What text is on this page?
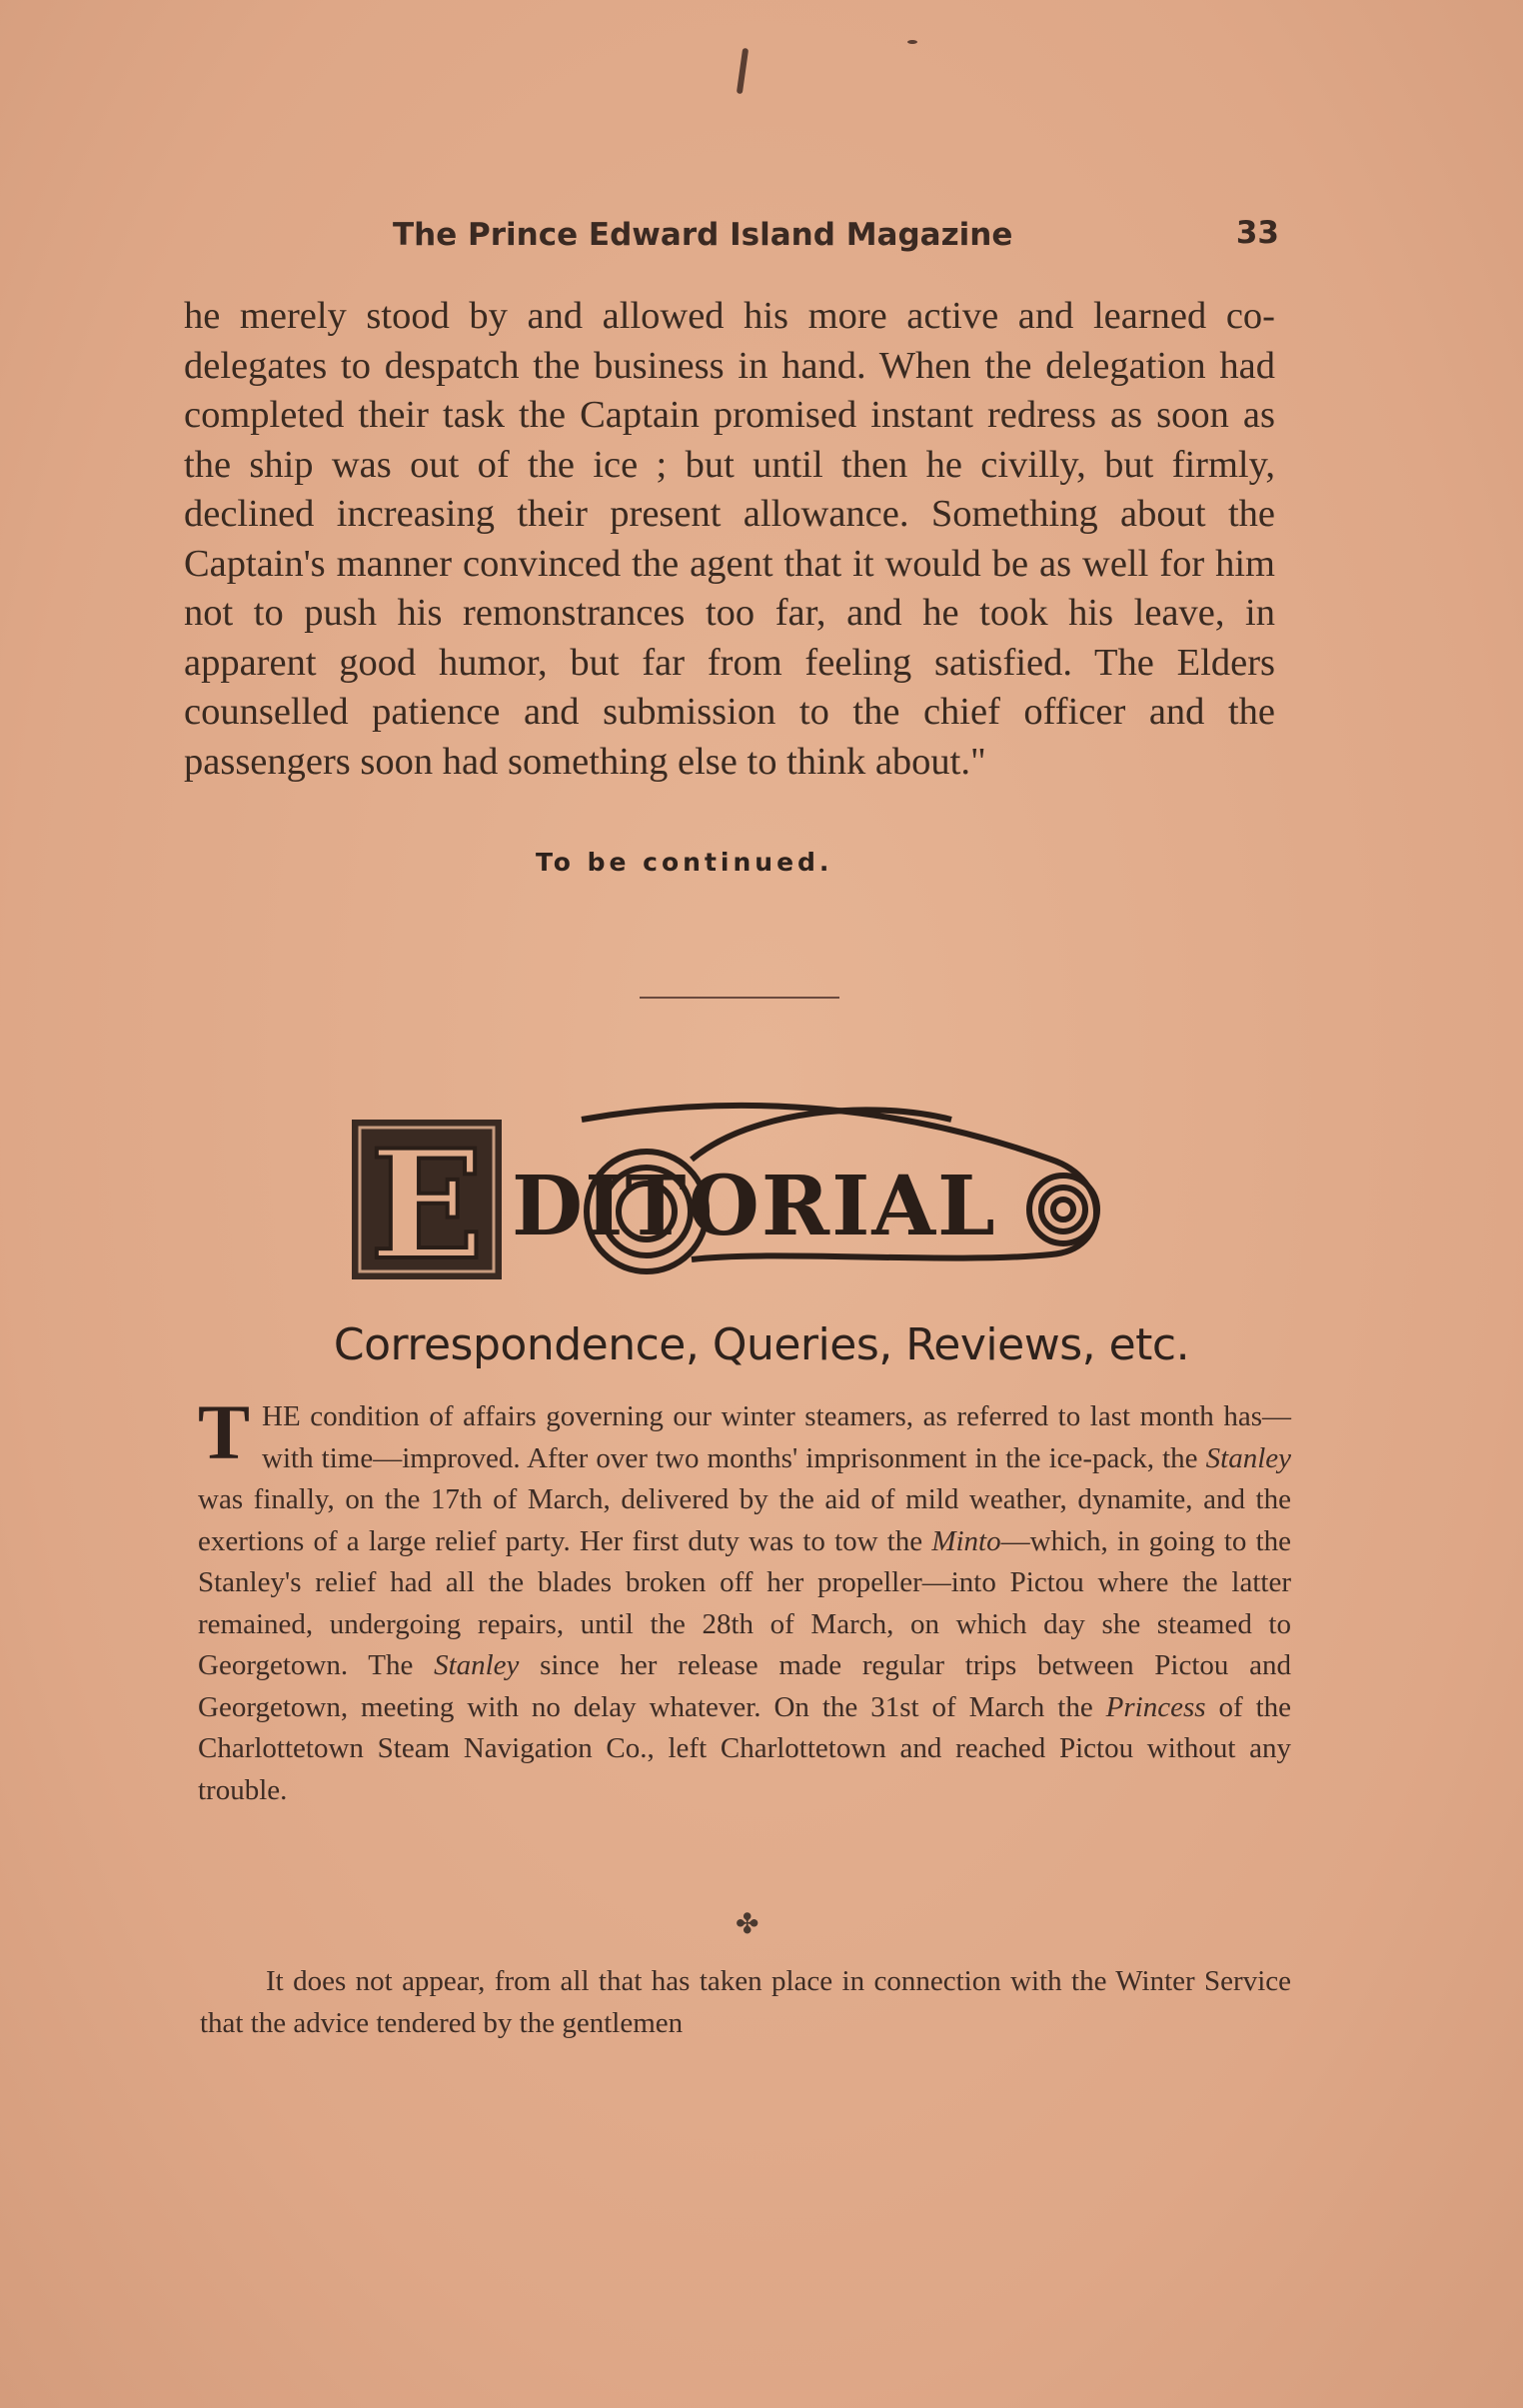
The Prince Edward Island Magazine	33

he merely stood by and allowed his more active and learned co-delegates to despatch the business in hand. When the delegation had completed their task the Captain promised instant redress as soon as the ship was out of the ice ; but until then he civilly, but firmly, declined increasing their present allowance. Something about the Captain's manner convinced the agent that it would be as well for him not to push his remonstrances too far, and he took his leave, in apparent good humor, but far from feeling satisfied. The Elders counselled patience and submission to the chief officer and the passengers soon had something else to think about."

To be continued.
E DITORIAL
Correspondence, Queries, Reviews, etc.

THE condition of affairs governing our winter steamers, as referred to last month has—with time—improved. After over two months' imprisonment in the ice-pack, the Stanley was finally, on the 17th of March, delivered by the aid of mild weather, dynamite, and the exertions of a large relief party. Her first duty was to tow the Minto—which, in going to the Stanley's relief had all the blades broken off her propeller—into Pictou where the latter remained, undergoing repairs, until the 28th of March, on which day she steamed to Georgetown. The Stanley since her release made regular trips between Pictou and Georgetown, meeting with no delay whatever. On the 31st of March the Princess of the Charlottetown Steam Navigation Co., left Charlottetown and reached Pictou without any trouble.

✤

It does not appear, from all that has taken place in connection with the Winter Service that the advice tendered by the gentlemen
